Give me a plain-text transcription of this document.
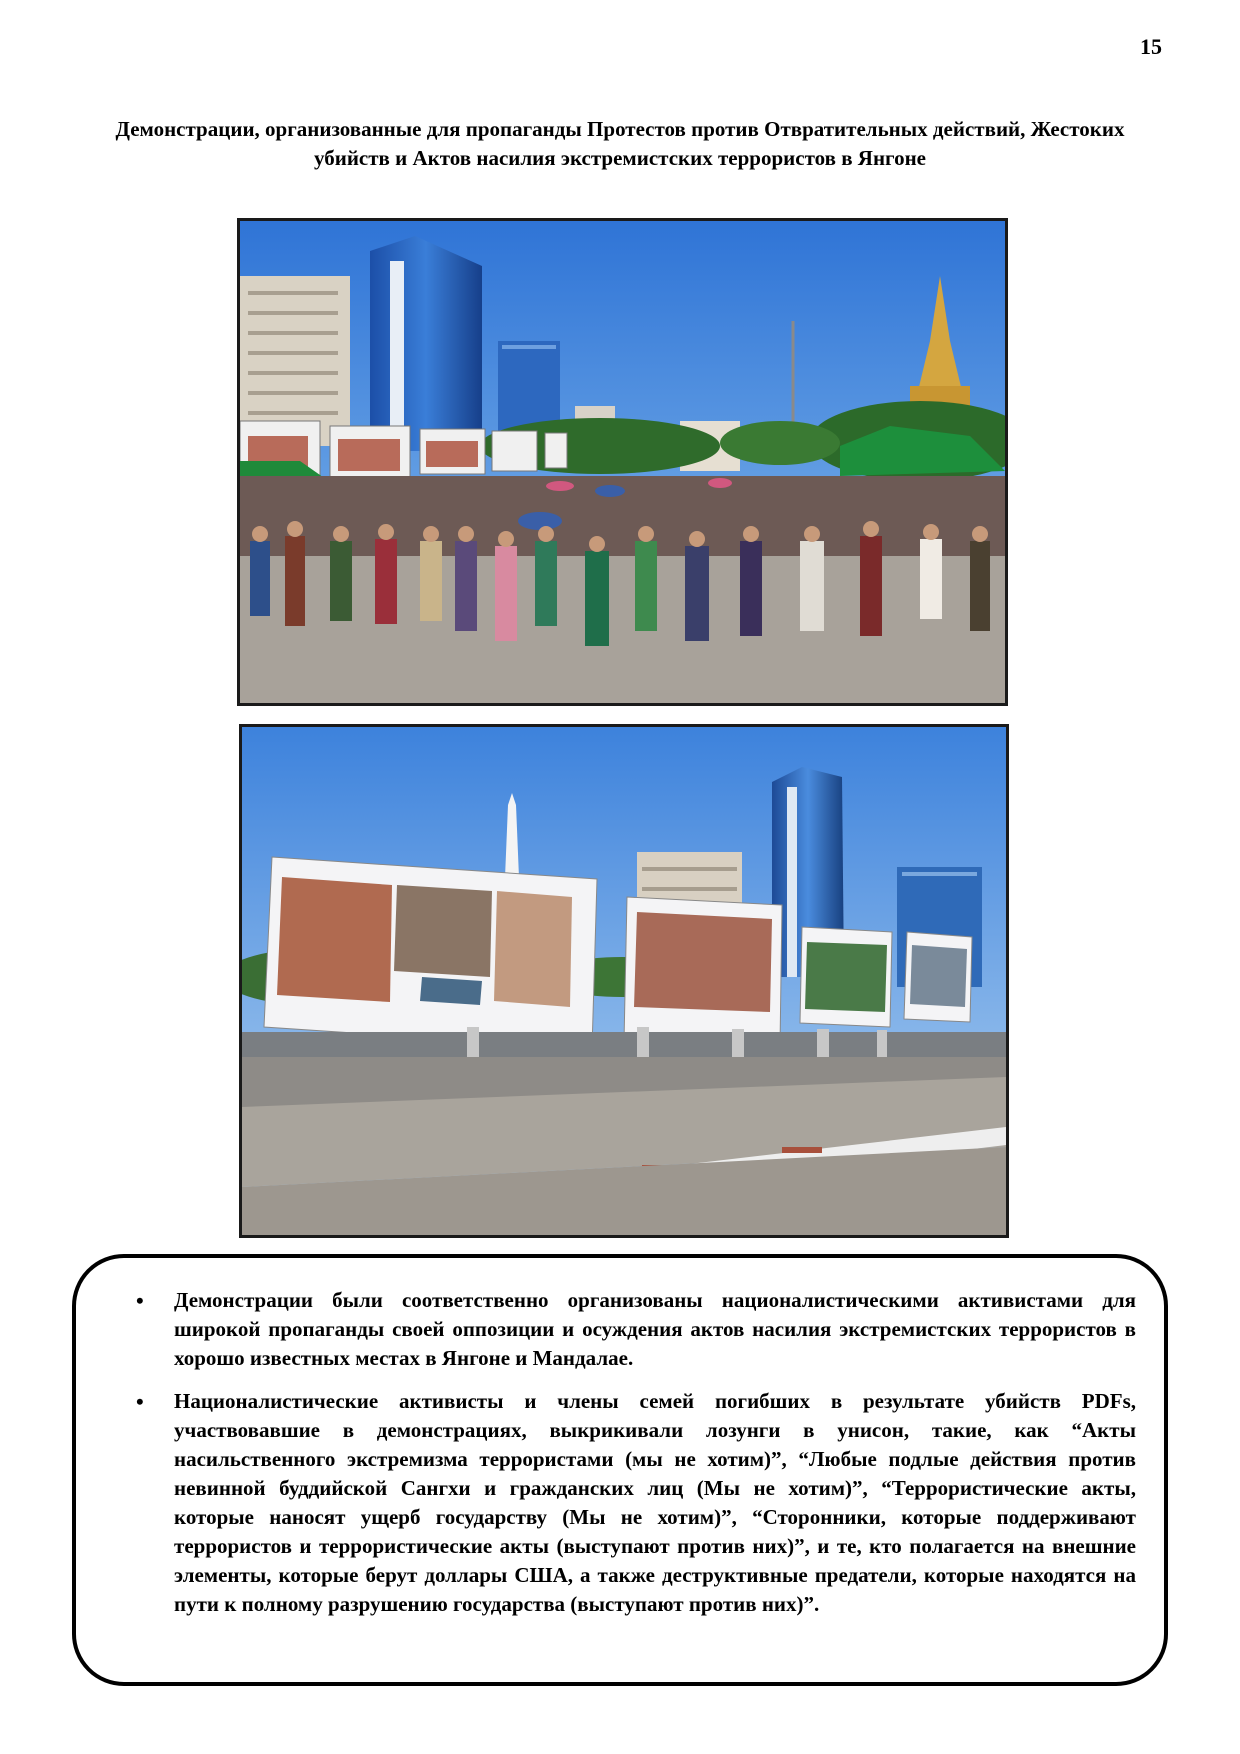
15
Демонстрации, организованные для пропаганды Протестов против Отвратительных действий, Жестоких убийств и Актов насилия экстремистских террористов в Янгоне
• Демонстрации были соответственно организованы националистическими активистами для широкой пропаганды своей оппозиции и осуждения актов насилия экстремистских террористов в хорошо известных местах в Янгоне и Мандалае.
• Националистические активисты и члены семей погибших в результате убийств PDFs, участвовавшие в демонстрациях, выкрикивали лозунги в унисон, такие, как “Акты насильственного экстремизма террористами (мы не хотим)”, “Любые подлые действия против невинной буддийской Сангхи и гражданских лиц (Мы не хотим)”, “Террористические акты, которые наносят ущерб государству (Мы не хотим)”, “Сторонники, которые поддерживают террористов и террористические акты (выступают против них)”, и те, кто полагается на внешние элементы, которые берут доллары США, а также деструктивные предатели, которые находятся на пути к полному разрушению государства (выступают против них)”.
